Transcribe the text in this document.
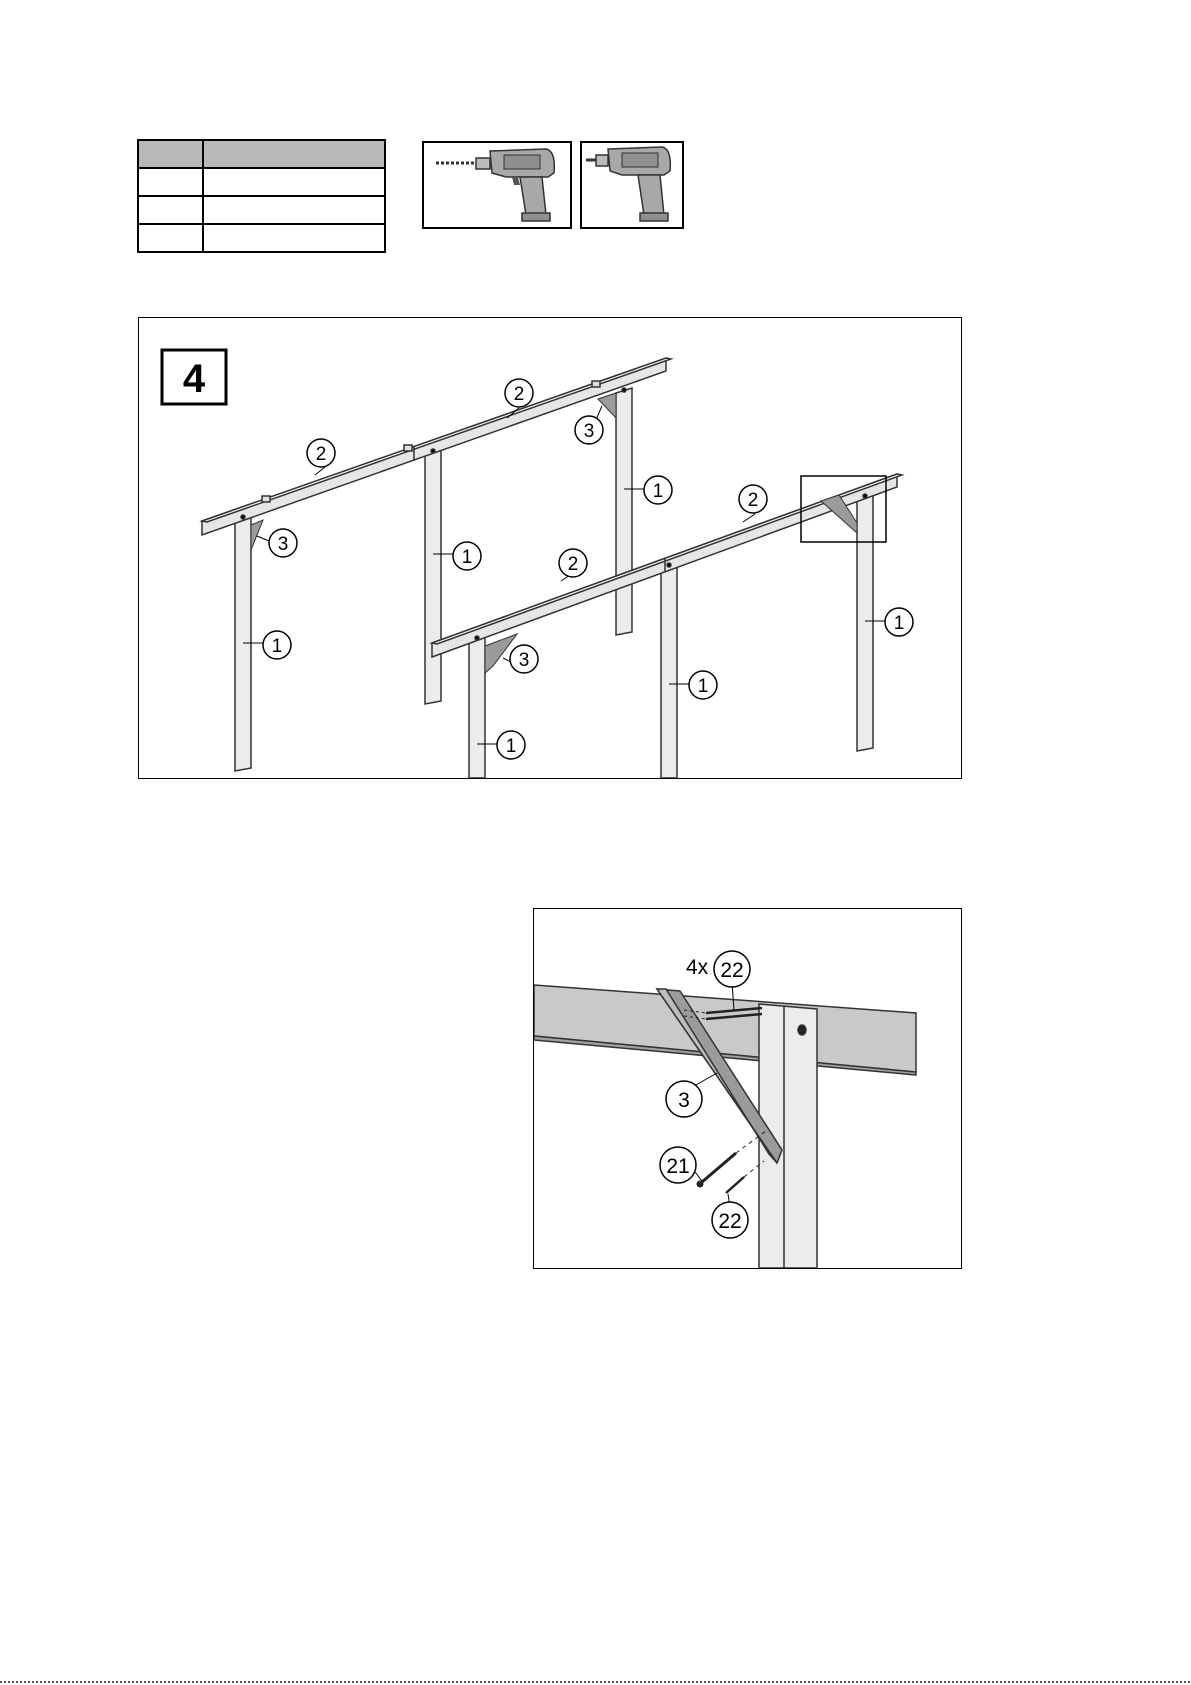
4
1
1
1
1
1
1
2
2
2
2
3
3
3
4x 22
3
21
22
